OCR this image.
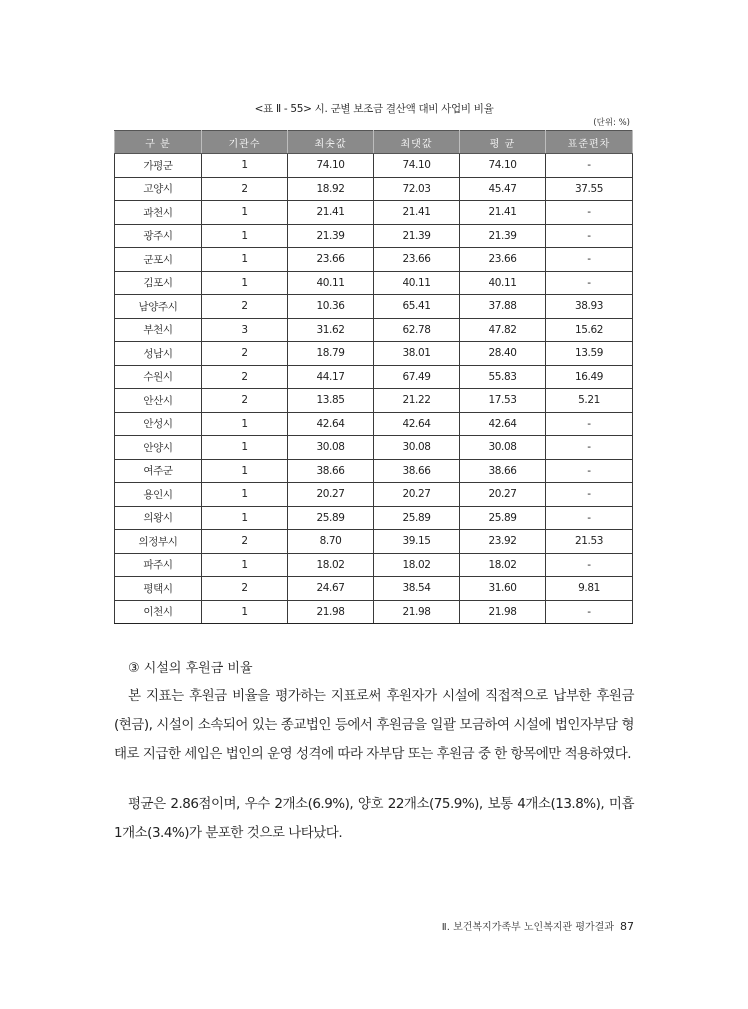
<표 Ⅱ - 55> 시. 군별 보조금 결산액 대비 사업비 비율
(단위: %)
구 분	기관수	최솟값	최댓값	평 균	표준편차
가평군	1	74.10	74.10	74.10	-
고양시	2	18.92	72.03	45.47	37.55
과천시	1	21.41	21.41	21.41	-
광주시	1	21.39	21.39	21.39	-
군포시	1	23.66	23.66	23.66	-
김포시	1	40.11	40.11	40.11	-
남양주시	2	10.36	65.41	37.88	38.93
부천시	3	31.62	62.78	47.82	15.62
성남시	2	18.79	38.01	28.40	13.59
수원시	2	44.17	67.49	55.83	16.49
안산시	2	13.85	21.22	17.53	5.21
안성시	1	42.64	42.64	42.64	-
안양시	1	30.08	30.08	30.08	-
여주군	1	38.66	38.66	38.66	-
용인시	1	20.27	20.27	20.27	-
의왕시	1	25.89	25.89	25.89	-
의정부시	2	8.70	39.15	23.92	21.53
파주시	1	18.02	18.02	18.02	-
평택시	2	24.67	38.54	31.60	9.81
이천시	1	21.98	21.98	21.98	-
③ 시설의 후원금 비율
본 지표는 후원금 비율을 평가하는 지표로써 후원자가 시설에 직접적으로 납부한 후원금(현금), 시설이 소속되어 있는 종교법인 등에서 후원금을 일괄 모금하여 시설에 법인자부담 형태로 지급한 세입은 법인의 운영 성격에 따라 자부담 또는 후원금 중 한 항목에만 적용하였다.
평균은 2.86점이며, 우수 2개소(6.9%), 양호 22개소(75.9%), 보통 4개소(13.8%), 미흡 1개소(3.4%)가 분포한 것으로 나타났다.
Ⅱ. 보건복지가족부 노인복지관 평가결과 87
